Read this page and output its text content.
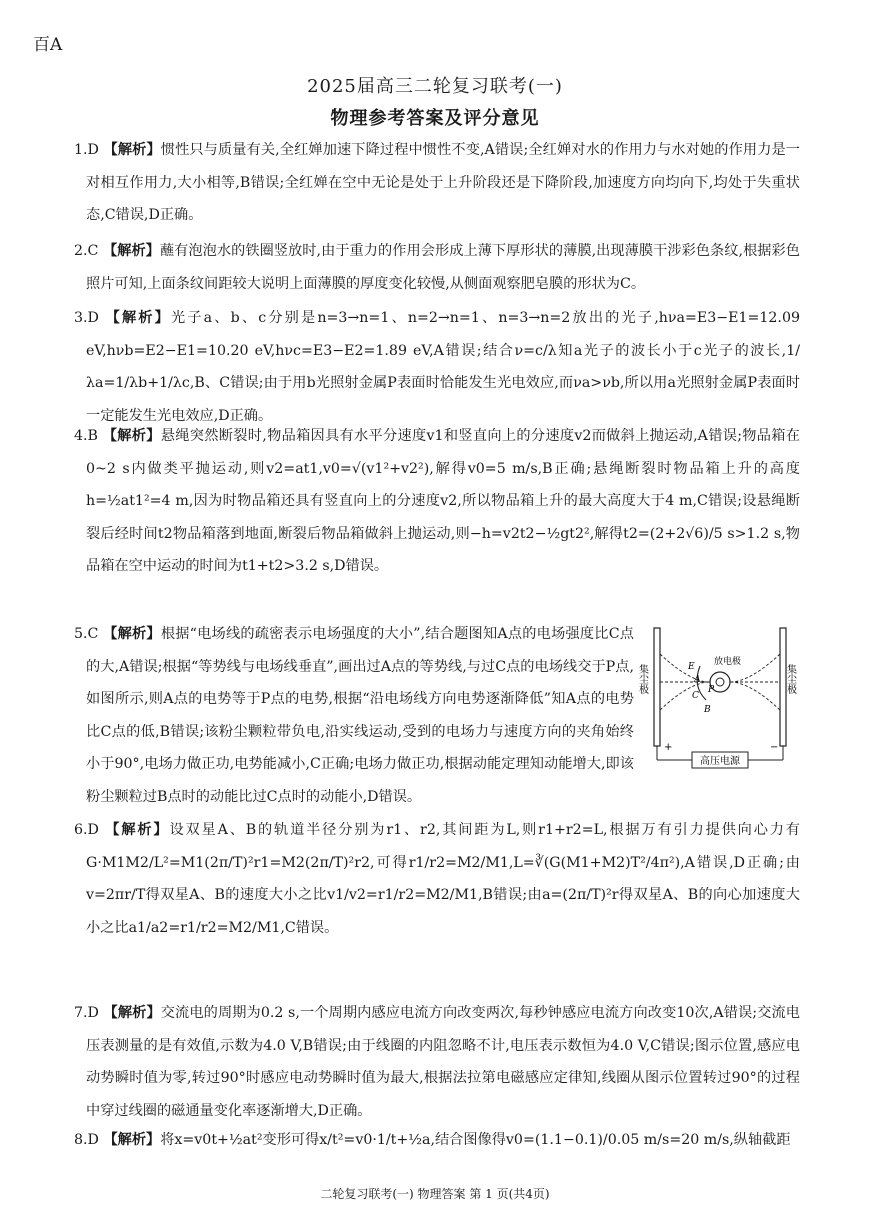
百A
2025届高三二轮复习联考(一)
物理参考答案及评分意见
1.D 【解析】惯性只与质量有关,全红婵加速下降过程中惯性不变,A错误;全红婵对水的作用力与水对她的作用力是一对相互作用力,大小相等,B错误;全红婵在空中无论是处于上升阶段还是下降阶段,加速度方向均向下,均处于失重状态,C错误,D正确。
2.C 【解析】蘸有泡泡水的铁圈竖放时,由于重力的作用会形成上薄下厚形状的薄膜,出现薄膜干涉彩色条纹,根据彩色照片可知,上面条纹间距较大说明上面薄膜的厚度变化较慢,从侧面观察肥皂膜的形状为C。
3.D 【解析】光子a、b、c分别是n=3→n=1、n=2→n=1、n=3→n=2放出的光子,hνa=E3−E1=12.09 eV,hνb=E2−E1=10.20 eV,hνc=E3−E2=1.89 eV,A错误;结合ν=c/λ知a光子的波长小于c光子的波长,1/λa=1/λb+1/λc,B、C错误;由于用b光照射金属P表面时恰能发生光电效应,而νa>νb,所以用a光照射金属P表面时一定能发生光电效应,D正确。
4.B 【解析】悬绳突然断裂时,物品箱因具有水平分速度v1和竖直向上的分速度v2而做斜上抛运动,A错误;物品箱在0~2 s内做类平抛运动,则v2=at1,v0=√(v1²+v2²),解得v0=5 m/s,B正确;悬绳断裂时物品箱上升的高度h=½at1²=4 m,因为时物品箱还具有竖直向上的分速度v2,所以物品箱上升的最大高度大于4 m,C错误;设悬绳断裂后经时间t2物品箱落到地面,断裂后物品箱做斜上抛运动,则−h=v2t2−½gt2²,解得t2=(2+2√6)/5 s>1.2 s,物品箱在空中运动的时间为t1+t2>3.2 s,D错误。
5.C 【解析】根据“电场线的疏密表示电场强度的大小”,结合题图知A点的电场强度比C点的大,A错误;根据“等势线与电场线垂直”,画出过A点的等势线,与过C点的电场线交于P点,如图所示,则A点的电势等于P点的电势,根据“沿电场线方向电势逐渐降低”知A点的电势比C点的低,B错误;该粉尘颗粒带负电,沿实线运动,受到的电场力与速度方向的夹角始终小于90°,电场力做正功,电势能减小,C正确;电场力做正功,根据动能定理知动能增大,即该粉尘颗粒过B点时的动能比过C点时的动能小,D错误。
高压电源
集尘极	集尘极
放电极
E
A
P
C
B
+	−
6.D 【解析】设双星A、B的轨道半径分别为r1、r2,其间距为L,则r1+r2=L,根据万有引力提供向心力有G·M1M2/L²=M1(2π/T)²r1=M2(2π/T)²r2,可得r1/r2=M2/M1,L=∛(G(M1+M2)T²/4π²),A错误,D正确;由v=2πr/T得双星A、B的速度大小之比v1/v2=r1/r2=M2/M1,B错误;由a=(2π/T)²r得双星A、B的向心加速度大小之比a1/a2=r1/r2=M2/M1,C错误。
7.D 【解析】交流电的周期为0.2 s,一个周期内感应电流方向改变两次,每秒钟感应电流方向改变10次,A错误;交流电压表测量的是有效值,示数为4.0 V,B错误;由于线圈的内阻忽略不计,电压表示数恒为4.0 V,C错误;图示位置,感应电动势瞬时值为零,转过90°时感应电动势瞬时值为最大,根据法拉第电磁感应定律知,线圈从图示位置转过90°的过程中穿过线圈的磁通量变化率逐渐增大,D正确。
8.D 【解析】将x=v0t+½at²变形可得x/t²=v0·1/t+½a,结合图像得v0=(1.1−0.1)/0.05 m/s=20 m/s,纵轴截距
二轮复习联考(一) 物理答案 第 1 页(共4页)
